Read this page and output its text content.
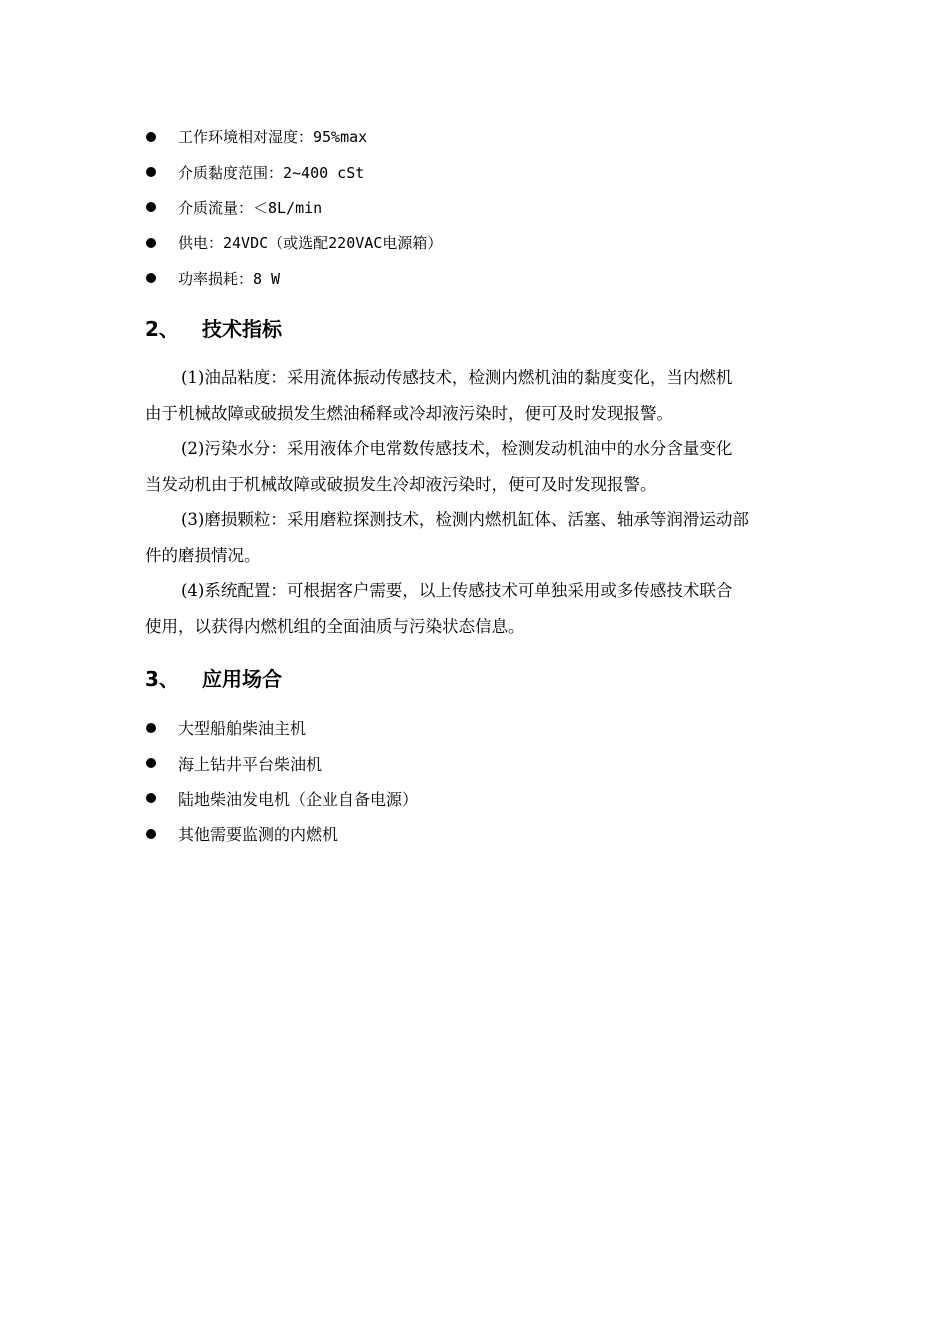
工作环境相对湿度：95%max
介质黏度范围：2~400 cSt
介质流量：＜8L/min
供电：24VDC（或选配220VAC电源箱）
功率损耗：8 W
2、	技术指标

(1)油品粘度：采用流体振动传感技术，检测内燃机油的黏度变化，当内燃机
由于机械故障或破损发生燃油稀释或冷却液污染时，便可及时发现报警。

(2)污染水分：采用液体介电常数传感技术，检测发动机油中的水分含量变化
当发动机由于机械故障或破损发生冷却液污染时，便可及时发现报警。

(3)磨损颗粒：采用磨粒探测技术，检测内燃机缸体、活塞、轴承等润滑运动部
件的磨损情况。

(4)系统配置：可根据客户需要，以上传感技术可单独采用或多传感技术联合
使用，以获得内燃机组的全面油质与污染状态信息。

3、	应用场合
大型船舶柴油主机
海上钻井平台柴油机
陆地柴油发电机（企业自备电源）
其他需要监测的内燃机
